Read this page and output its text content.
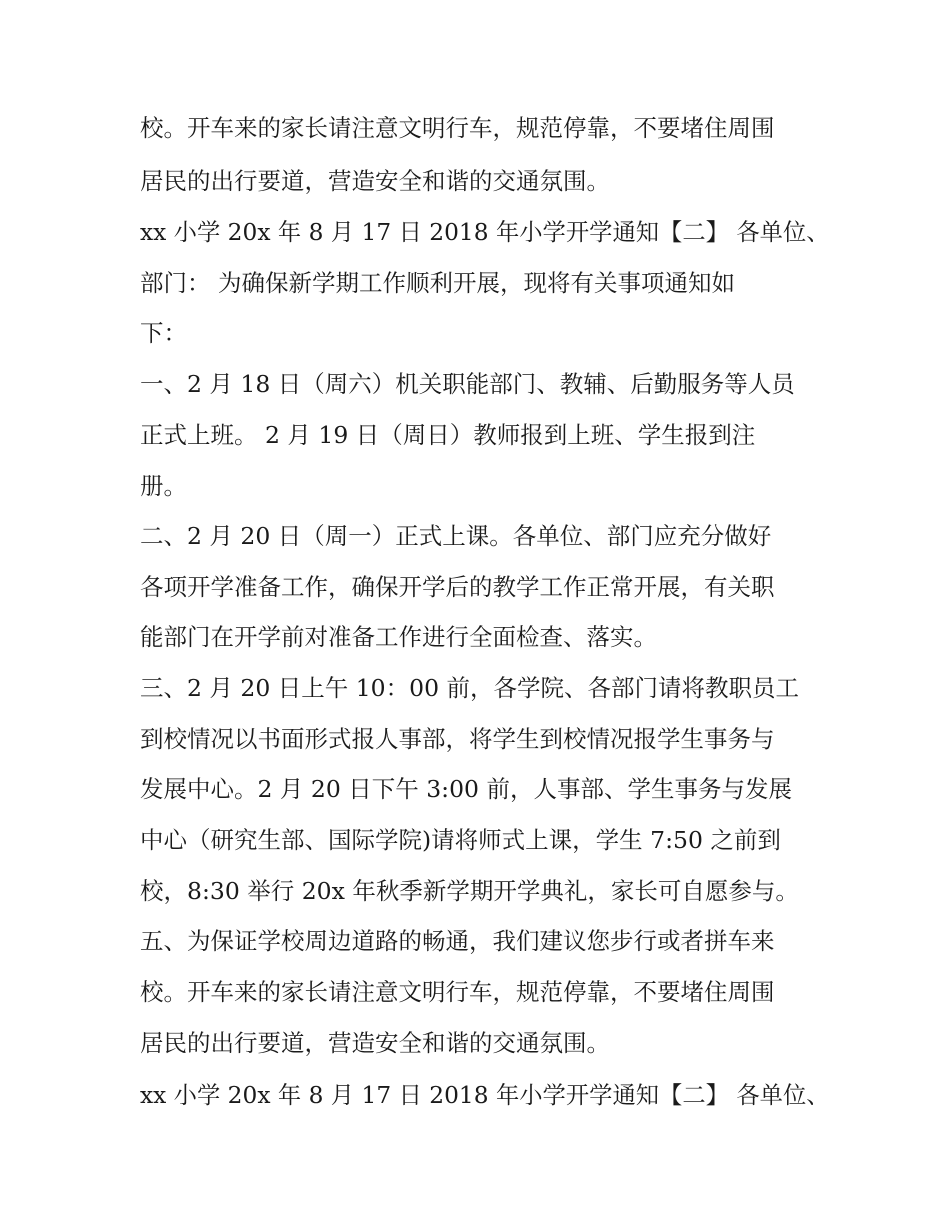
校。开车来的家长请注意文明行车，规范停靠，不要堵住周围
居民的出行要道，营造安全和谐的交通氛围。
xx 小学 20x 年 8 月 17 日 2018 年小学开学通知【二】 各单位、
部门： 为确保新学期工作顺利开展，现将有关事项通知如
下：
一、2 月 18 日（周六）机关职能部门、教辅、后勤服务等人员
正式上班。 2 月 19 日（周日）教师报到上班、学生报到注
册。
二、2 月 20 日（周一）正式上课。各单位、部门应充分做好
各项开学准备工作，确保开学后的教学工作正常开展，有关职
能部门在开学前对准备工作进行全面检查、落实。
三、2 月 20 日上午 10：00 前，各学院、各部门请将教职员工
到校情况以书面形式报人事部，将学生到校情况报学生事务与
发展中心。2 月 20 日下午 3:00 前，人事部、学生事务与发展
中心（研究生部、国际学院)请将师式上课，学生 7:50 之前到
校，8:30 举行 20x 年秋季新学期开学典礼，家长可自愿参与。
五、为保证学校周边道路的畅通，我们建议您步行或者拼车来
校。开车来的家长请注意文明行车，规范停靠，不要堵住周围
居民的出行要道，营造安全和谐的交通氛围。
xx 小学 20x 年 8 月 17 日 2018 年小学开学通知【二】 各单位、
